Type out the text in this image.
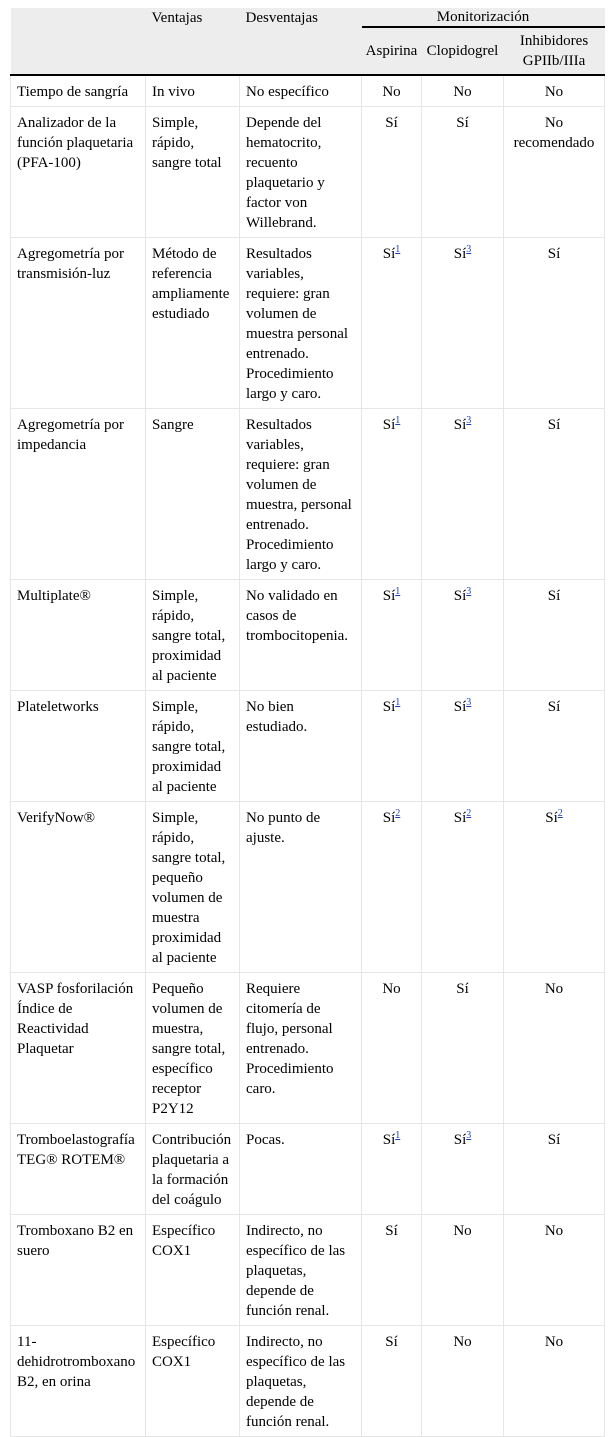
	Ventajas	Desventajas	Monitorización		
			Aspirina	Clopidogrel	Inhibidores GPIIb/IIIa
Tiempo de sangría	In vivo	No específico	No	No	No
Analizador de la función plaquetaria (PFA-100)	Simple, rápido, sangre total	Depende del hematocrito, recuento plaquetario y factor von Willebrand.	Sí	Sí	No recomendado
Agregometría por transmisión-luz	Método de referencia ampliamente estudiado	Resultados variables, requiere: gran volumen de muestra personal entrenado. Procedimiento largo y caro.	$Sí^1$	$Sí^3$	Sí
Agregometría por impedancia	Sangre	Resultados variables, requiere: gran volumen de muestra, personal entrenado. Procedimiento largo y caro.	$Sí^1$	$Sí^3$	Sí
Multiplate®	Simple, rápido, sangre total, proximidad al paciente	No validado en casos de trombocitopenia.	$Sí^1$	$Sí^3$	Sí
Plateletworks	Simple, rápido, sangre total, proximidad al paciente	No bien estudiado.	$Sí^1$	$Sí^3$	Sí
VerifyNow®	Simple, rápido, sangre total, pequeño volumen de muestra proximidad al paciente	No punto de ajuste.	$Sí^2$	$Sí^2$	$Sí^2$
VASP fosforilación Índice de Reactividad Plaquetar	Pequeño volumen de muestra, sangre total, específico receptor P2Y12	Requiere citomería de flujo, personal entrenado. Procedimiento caro.	No	Sí	No
Tromboelastografía TEG® ROTEM®	Contribución plaquetaria a la formación del coágulo	Pocas.	$Sí^1$	$Sí^3$	Sí
Tromboxano B2 en suero	Específico COX1	Indirecto, no específico de las plaquetas, depende de función renal.	Sí	No	No
11-dehidrotromboxano B2, en orina	Específico COX1	Indirecto, no específico de las plaquetas, depende de función renal.	Sí	No	No
